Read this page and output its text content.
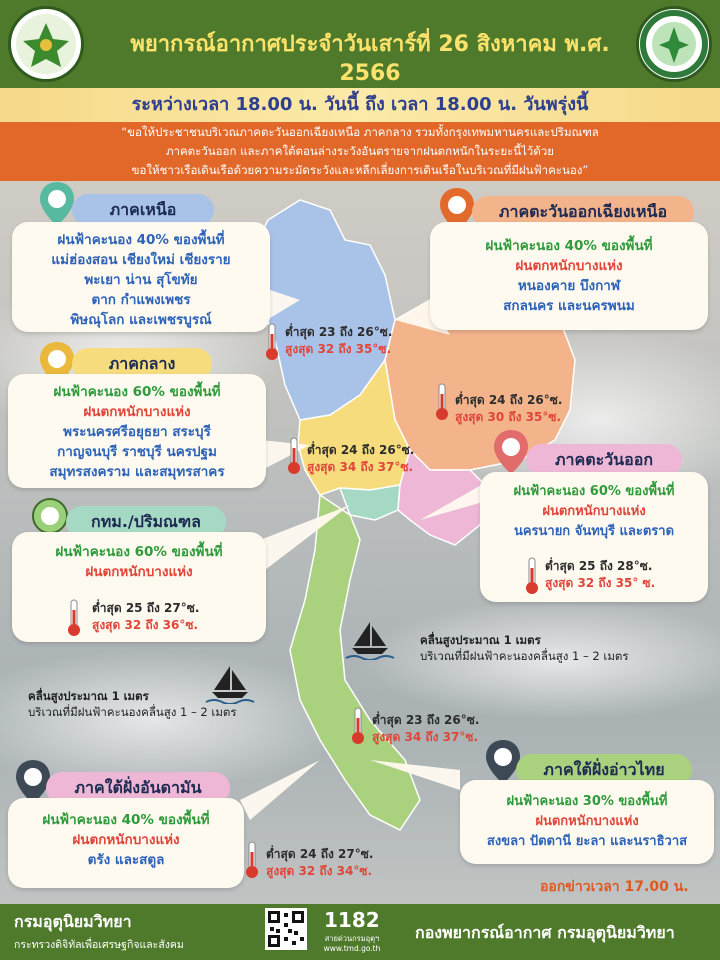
พยากรณ์อากาศประจำวันเสาร์ที่ 26 สิงหาคม พ.ศ. 2566
ระหว่างเวลา 18.00 น. วันนี้ ถึง เวลา 18.00 น. วันพรุ่งนี้
“ขอให้ประชาชนบริเวณภาคตะวันออกเฉียงเหนือ ภาคกลาง รวมทั้งกรุงเทพมหานครและปริมณฑล
ภาคตะวันออก และภาคใต้ตอนล่างระวังอันตรายจากฝนตกหนักในระยะนี้ไว้ด้วย
ขอให้ชาวเรือเดินเรือด้วยความระมัดระวังและหลีกเลี่ยงการเดินเรือในบริเวณที่มีฝนฟ้าคะนอง”
ภาคเหนือ
ฝนฟ้าคะนอง 40% ของพื้นที่
แม่ฮ่องสอน เชียงใหม่ เชียงราย
พะเยา น่าน สุโขทัย
ตาก กำแพงเพชร
พิษณุโลก และเพชรบูรณ์
ต่ำสุด 23 ถึง 26°ซ.
สูงสุด 32 ถึง 35°ซ.
ภาคตะวันออกเฉียงเหนือ
ฝนฟ้าคะนอง 40% ของพื้นที่
ฝนตกหนักบางแห่ง
หนองคาย บึงกาฬ
สกลนคร และนครพนม
ต่ำสุด 24 ถึง 26°ซ.
สูงสุด 30 ถึง 35°ซ.
ภาคกลาง
ฝนฟ้าคะนอง 60% ของพื้นที่
ฝนตกหนักบางแห่ง
พระนครศรีอยุธยา สระบุรี
กาญจนบุรี ราชบุรี นครปฐม
สมุทรสงคราม และสมุทรสาคร
ต่ำสุด 24 ถึง 26°ซ.
สูงสุด 34 ถึง 37°ซ.	ภาคตะวันออก
ฝนฟ้าคะนอง 60% ของพื้นที่
ฝนตกหนักบางแห่ง
นครนายก จันทบุรี และตราด
ต่ำสุด 25 ถึง 28°ซ.
สูงสุด 32 ถึง 35° ซ.
กทม./ปริมณฑล
ฝนฟ้าคะนอง 60% ของพื้นที่
ฝนตกหนักบางแห่ง
ต่ำสุด 25 ถึง 27°ซ.
สูงสุด 32 ถึง 36°ซ.
คลื่นสูงประมาณ 1 เมตร
บริเวณที่มีฝนฟ้าคะนองคลื่นสูง 1 – 2 เมตร
คลื่นสูงประมาณ 1 เมตร
บริเวณที่มีฝนฟ้าคะนองคลื่นสูง 1 – 2 เมตร
ต่ำสุด 23 ถึง 26°ซ.
สูงสุด 34 ถึง 37°ซ.
ภาคใต้ฝั่งอ่าวไทย
ฝนฟ้าคะนอง 30% ของพื้นที่
ฝนตกหนักบางแห่ง
สงขลา ปัตตานี ยะลา และนราธิวาส
ภาคใต้ฝั่งอันดามัน
ฝนฟ้าคะนอง 40% ของพื้นที่
ฝนตกหนักบางแห่ง
ตรัง และสตูล	ต่ำสุด 24 ถึง 27°ซ.
สูงสุด 32 ถึง 34°ซ.
ออกข่าวเวลา 17.00 น.
กรมอุตุนิยมวิทยา
กระทรวงดิจิทัลเพื่อเศรษฐกิจและสังคม
1182
สายด่วนกรมอุตุฯ
www.tmd.go.th
กองพยากรณ์อากาศ กรมอุตุนิยมวิทยา
